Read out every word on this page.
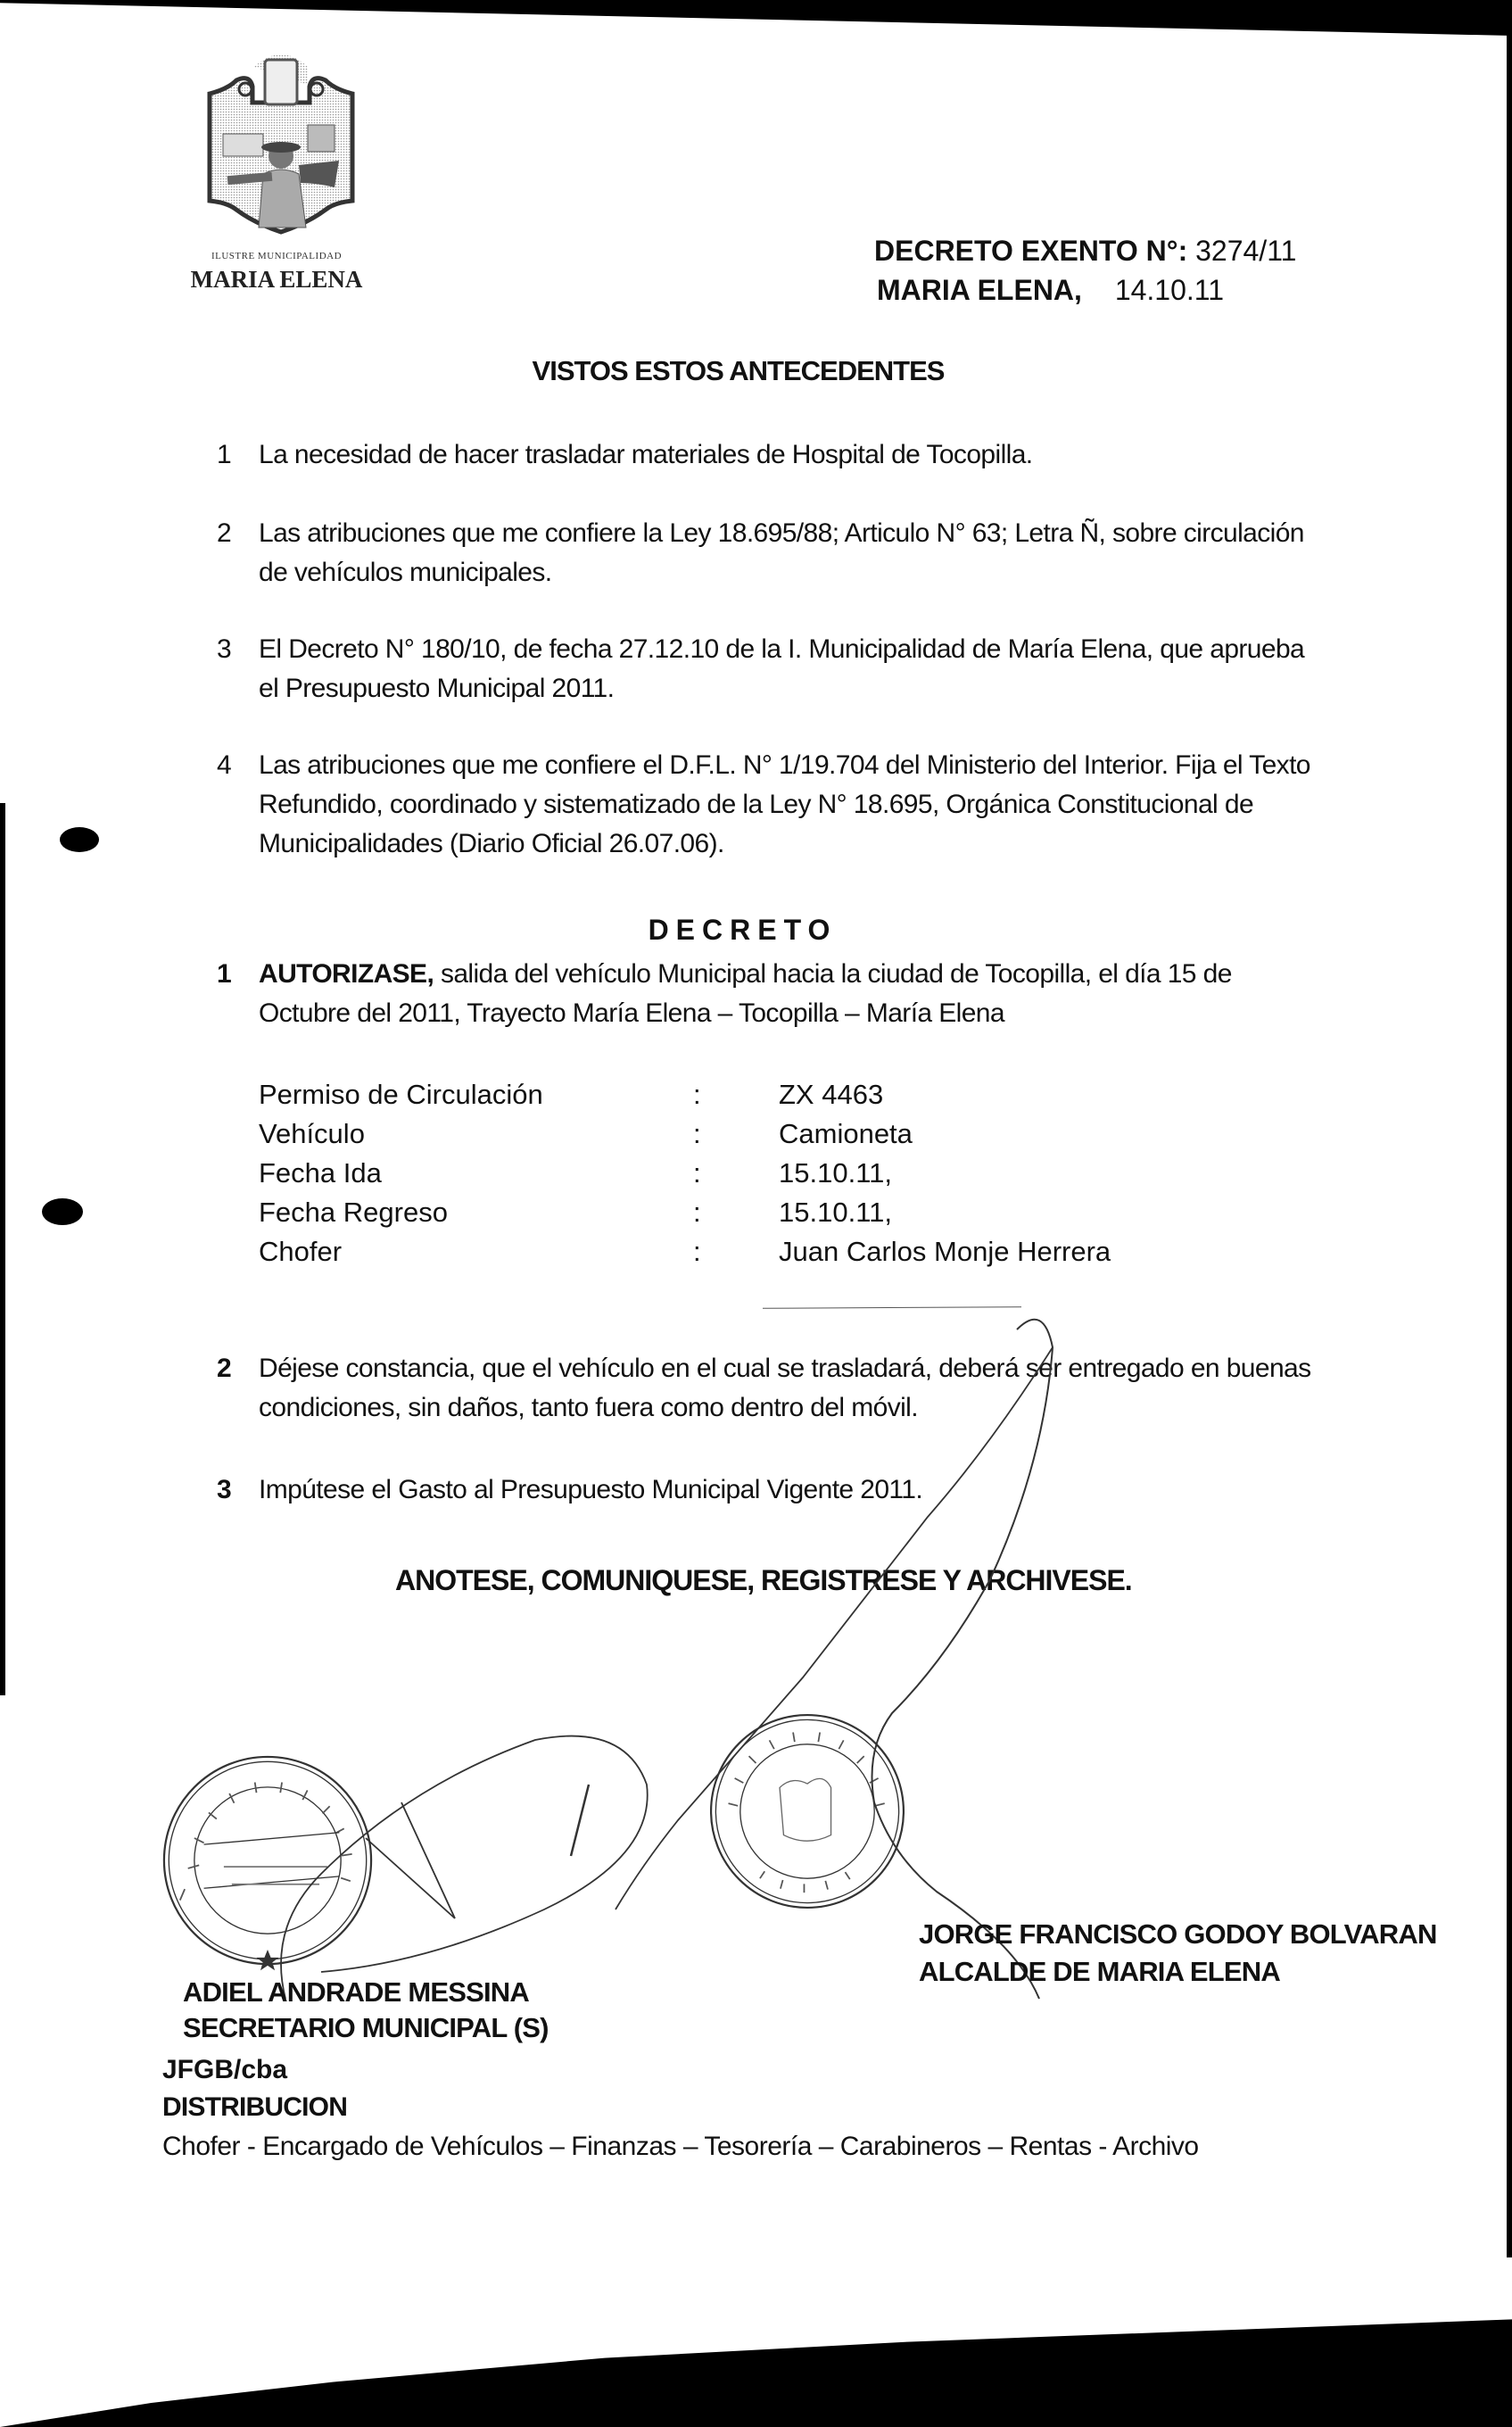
ILUSTRE MUNICIPALIDAD
MARIA ELENA
DECRETO EXENTO N°: 3274/11
MARIA ELENA, 14.10.11
VISTOS ESTOS ANTECEDENTES
1 La necesidad de hacer trasladar materiales de Hospital de Tocopilla.
2 Las atribuciones que me confiere la Ley 18.695/88; Articulo N° 63; Letra Ñ, sobre circulación de vehículos municipales.
3 El Decreto N° 180/10, de fecha 27.12.10 de la I. Municipalidad de María Elena, que aprueba el Presupuesto Municipal 2011.
4 Las atribuciones que me confiere el D.F.L. N° 1/19.704 del Ministerio del Interior. Fija el Texto Refundido, coordinado y sistematizado de la Ley N° 18.695, Orgánica Constitucional de Municipalidades (Diario Oficial 26.07.06).
DECRETO
1 AUTORIZASE, salida del vehículo Municipal hacia la ciudad de Tocopilla, el día 15 de Octubre del 2011, Trayecto María Elena – Tocopilla – María Elena
Permiso de Circulación	:	ZX 4463
Vehículo	:	Camioneta
Fecha Ida	:	15.10.11,
Fecha Regreso	:	15.10.11,
Chofer	:	Juan Carlos Monje Herrera
2 Déjese constancia, que el vehículo en el cual se trasladará, deberá ser entregado en buenas condiciones, sin daños, tanto fuera como dentro del móvil.
3 Impútese el Gasto al Presupuesto Municipal Vigente 2011.
ANOTESE, COMUNIQUESE, REGISTRESE Y ARCHIVESE.
ADIEL ANDRADE MESSINA
SECRETARIO MUNICIPAL (S)
JORGE FRANCISCO GODOY BOLVARAN
ALCALDE DE MARIA ELENA
JFGB/cba
DISTRIBUCION
Chofer - Encargado de Vehículos – Finanzas – Tesorería – Carabineros – Rentas - Archivo
